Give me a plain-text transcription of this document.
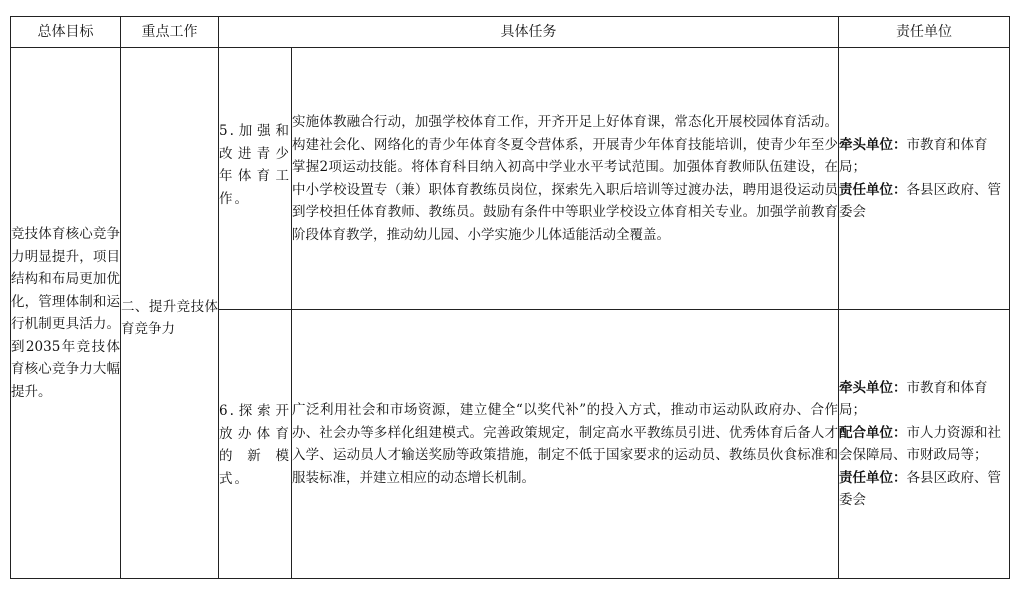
总体目标	重点工作	具体任务		责任单位
竞技体育核心竞争力明显提升，项目结构和布局更加优化，管理体制和运行机制更具活力。到2035年竞技体育核心竞争力大幅提升。	二、提升竞技体育竞争力	5.加强和改进青少年体育工作。	实施体教融合行动，加强学校体育工作，开齐开足上好体育课，常态化开展校园体育活动。构建社会化、网络化的青少年体育冬夏令营体系，开展青少年体育技能培训，使青少年至少掌握2项运动技能。将体育科目纳入初高中学业水平考试范围。加强体育教师队伍建设，在中小学校设置专（兼）职体育教练员岗位，探索先入职后培训等过渡办法，聘用退役运动员到学校担任体育教师、教练员。鼓励有条件中等职业学校设立体育相关专业。加强学前教育阶段体育教学，推动幼儿园、小学实施少儿体适能活动全覆盖。	牵头单位：市教育和体育局；
责任单位：各县区政府、管委会

		6.探索开放办体育的新模式。	广泛利用社会和市场资源，建立健全“以奖代补”的投入方式，推动市运动队政府办、合作办、社会办等多样化组建模式。完善政策规定，制定高水平教练员引进、优秀体育后备人才入学、运动员人才输送奖励等政策措施，制定不低于国家要求的运动员、教练员伙食标准和服装标准，并建立相应的动态增长机制。	牵头单位：市教育和体育局；
配合单位：市人力资源和社会保障局、市财政局等；
责任单位：各县区政府、管委会
